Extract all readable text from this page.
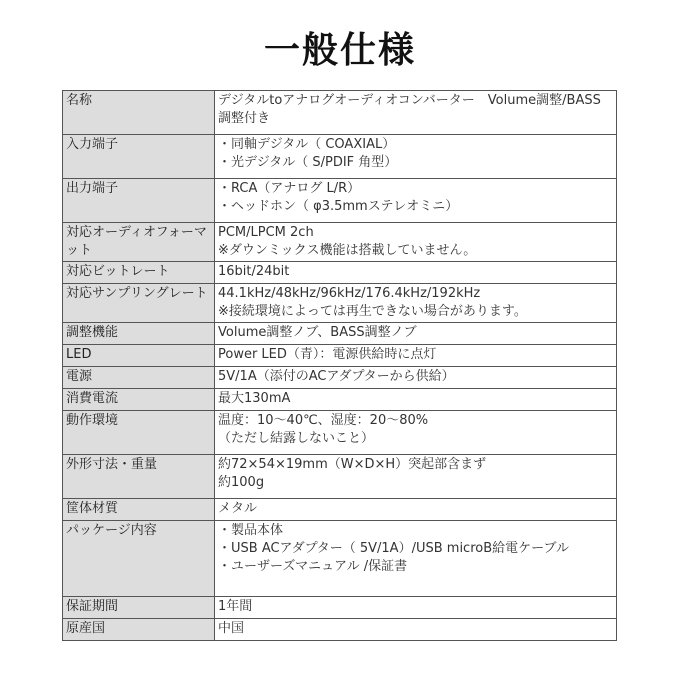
一般仕様
名称	デジタルtoアナログオーディオコンバーター　Volume調整/BASS調整付き

入力端子	・同軸デジタル（ COAXIAL）
・光デジタル（ S/PDIF 角型）

出力端子	・RCA（アナログ L/R）
・ヘッドホン（ φ3.5mmステレオミニ）

対応オーディオフォーマット	PCM/LPCM 2ch
※ダウンミックス機能は搭載していません。

対応ビットレート	16bit/24bit

対応サンプリングレート	44.1kHz/48kHz/96kHz/176.4kHz/192kHz
※接続環境によっては再生できない場合があります。

調整機能	Volume調整ノブ、BASS調整ノブ

LED	Power LED（青）：電源供給時に点灯

電源	5V/1A（添付のACアダプターから供給）

消費電流	最大130mA

動作環境	温度：10～40℃、湿度：20～80%
（ただし結露しないこと）

外形寸法・重量	約72×54×19mm（W×D×H）突起部含まず
約100g

筐体材質	メタル

パッケージ内容	・製品本体
・USB ACアダプター（ 5V/1A）/USB microB給電ケーブル
・ユーザーズマニュアル /保証書

保証期間	1年間

原産国	中国
